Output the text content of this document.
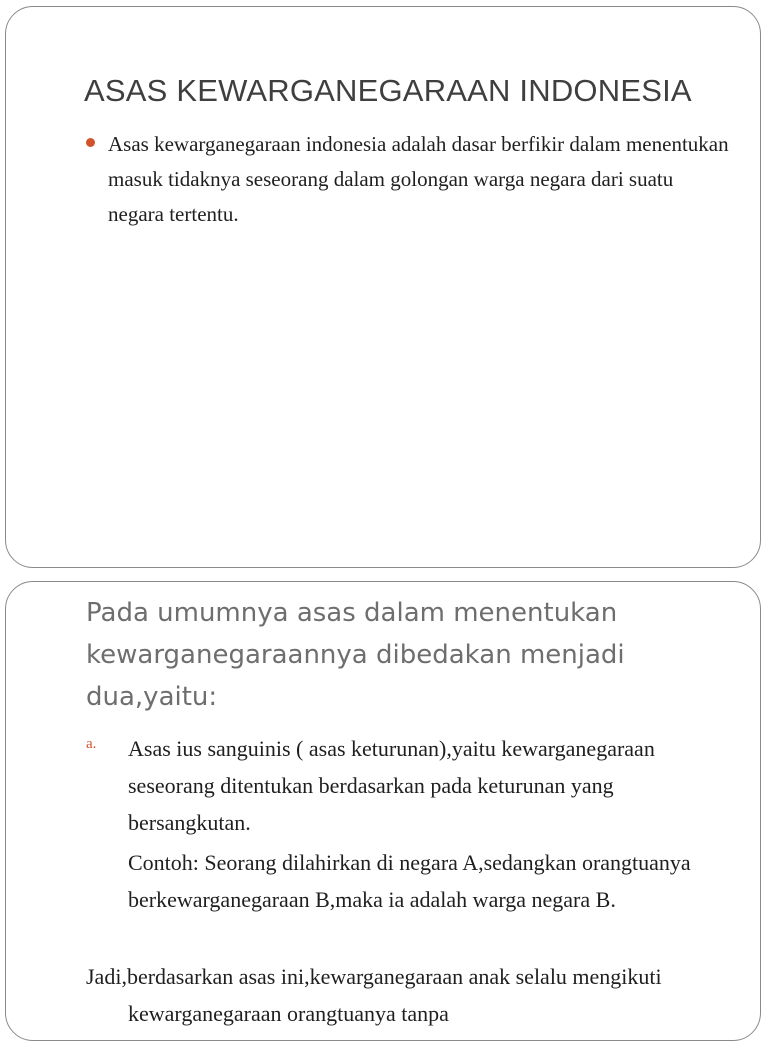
ASAS KEWARGANEGARAAN INDONESIA
Asas kewarganegaraan indonesia adalah dasar berfikir dalam menentukan masuk tidaknya seseorang dalam golongan warga negara dari suatu negara tertentu.
Pada umumnya asas dalam menentukan kewarganegaraannya dibedakan menjadi dua,yaitu:
a. Asas ius sanguinis ( asas keturunan),yaitu kewarganegaraan seseorang ditentukan berdasarkan pada keturunan yang bersangkutan.
Contoh: Seorang dilahirkan di negara A,sedangkan orangtuanya berkewarganegaraan B,maka ia adalah warga negara B.
Jadi,berdasarkan asas ini,kewarganegaraan anak selalu mengikuti kewarganegaraan orangtuanya tanpa
